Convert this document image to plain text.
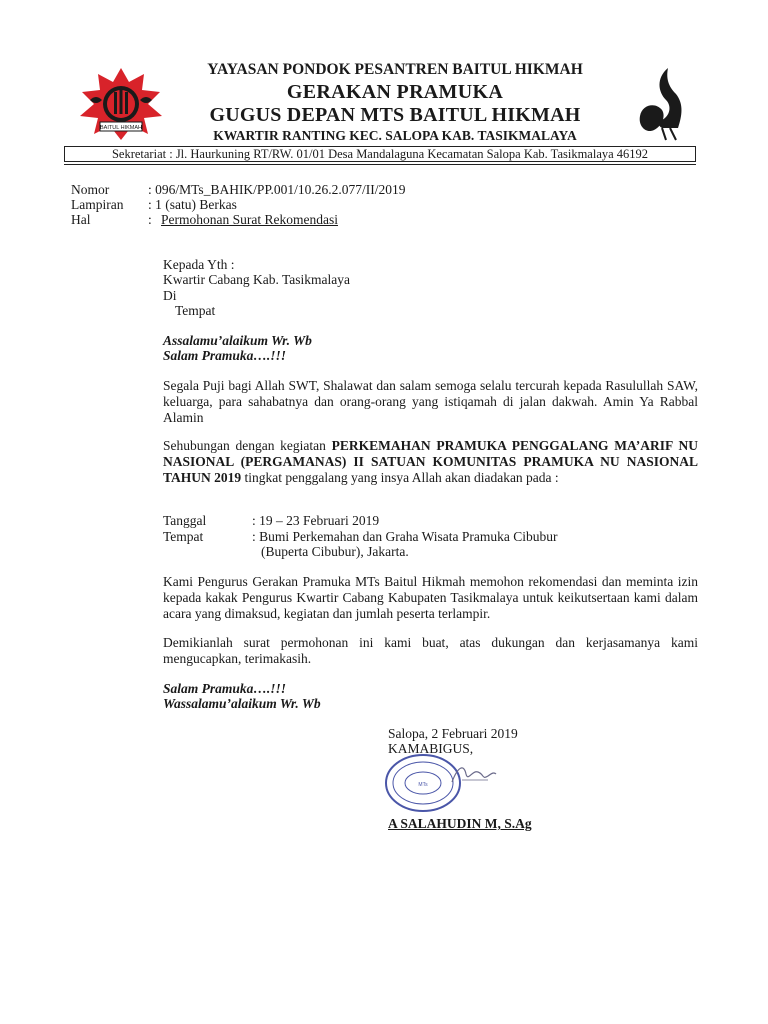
BAITUL HIKMAH
YAYASAN PONDOK PESANTREN BAITUL HIKMAH
GERAKAN PRAMUKA
GUGUS DEPAN MTS BAITUL HIKMAH
KWARTIR RANTING KEC. SALOPA KAB. TASIKMALAYA
Sekretariat : Jl. Haurkuning RT/RW. 01/01 Desa Mandalaguna Kecamatan Salopa Kab. Tasikmalaya 46192
Nomor	: 096/MTs_BAHIK/PP.001/10.26.2.077/II/2019
Lampiran : 1 (satu) Berkas
Hal	: Permohonan Surat Rekomendasi
Kepada Yth :
Kwartir Cabang Kab. Tasikmalaya
Di
Tempat
Assalamu’alaikum Wr. Wb
Salam Pramuka….!!!
Segala Puji bagi Allah SWT, Shalawat dan salam semoga selalu tercurah kepada Rasulullah SAW, keluarga, para sahabatnya dan orang-orang yang istiqamah di jalan dakwah. Amin Ya Rabbal Alamin
Sehubungan dengan kegiatan PERKEMAHAN PRAMUKA PENGGALANG MA’ARIF NU NASIONAL (PERGAMANAS) II SATUAN KOMUNITAS PRAMUKA NU NASIONAL TAHUN 2019 tingkat penggalang yang insya Allah akan diadakan pada :
Tanggal	: 19 – 23 Februari 2019
Tempat	: Bumi Perkemahan dan Graha Wisata Pramuka Cibubur
(Buperta Cibubur), Jakarta.
Kami Pengurus Gerakan Pramuka MTs Baitul Hikmah memohon rekomendasi dan meminta izin kepada kakak Pengurus Kwartir Cabang Kabupaten Tasikmalaya untuk keikutsertaan kami dalam acara yang dimaksud, kegiatan dan jumlah peserta terlampir.
Demikianlah surat permohonan ini kami buat, atas dukungan dan kerjasamanya kami mengucapkan, terimakasih.
Salam Pramuka….!!!
Wassalamu’alaikum Wr. Wb
Salopa, 2 Februari 2019
KAMABIGUS,
MTs
A SALAHUDIN M, S.Ag
